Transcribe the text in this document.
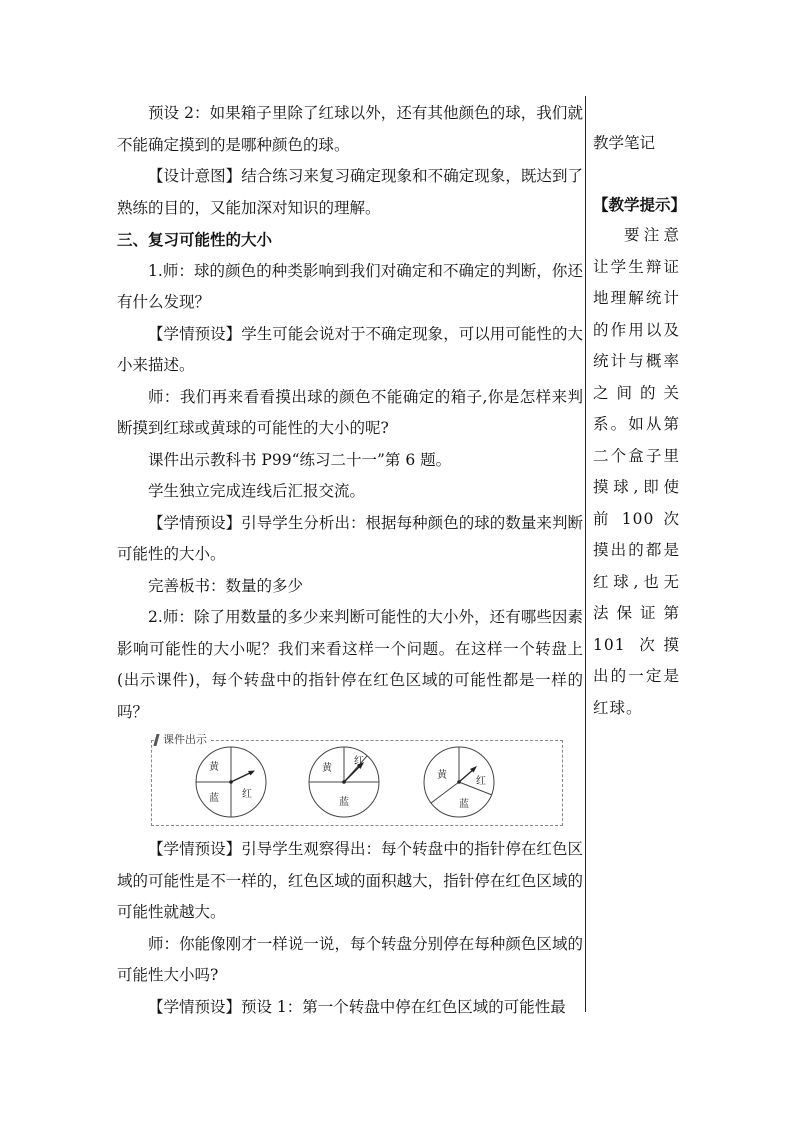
预设 2：如果箱子里除了红球以外，还有其他颜色的球，我们就不能确定摸到的是哪种颜色的球。

【设计意图】结合练习来复习确定现象和不确定现象，既达到了熟练的目的，又能加深对知识的理解。

三、复习可能性的大小

1.师：球的颜色的种类影响到我们对确定和不确定的判断，你还有什么发现？

【学情预设】学生可能会说对于不确定现象，可以用可能性的大小来描述。

师：我们再来看看摸出球的颜色不能确定的箱子,你是怎样来判断摸到红球或黄球的可能性的大小的呢?

课件出示教科书 P99“练习二十一”第 6 题。

学生独立完成连线后汇报交流。

【学情预设】引导学生分析出：根据每种颜色的球的数量来判断可能性的大小。

完善板书：数量的多少

2.师：除了用数量的多少来判断可能性的大小外，还有哪些因素影响可能性的大小呢？我们来看这样一个问题。在这样一个转盘上(出示课件)，每个转盘中的指针停在红色区域的可能性都是一样的吗？

黄
蓝 红
黄
红
蓝
黄
红
蓝
课件出示

【学情预设】引导学生观察得出：每个转盘中的指针停在红色区域的可能性是不一样的，红色区域的面积越大，指针停在红色区域的可能性就越大。

师：你能像刚才一样说一说，每个转盘分别停在每种颜色区域的可能性大小吗?

【学情预设】预设 1：第一个转盘中停在红色区域的可能性最

教学笔记

【教学提示】

要注意让学生辩证地理解统计的作用以及统计与概率之间的关系。如从第二个盒子里摸球,即使前 100 次摸出的都是红球,也无法保证第 101 次摸出的一定是红球。
